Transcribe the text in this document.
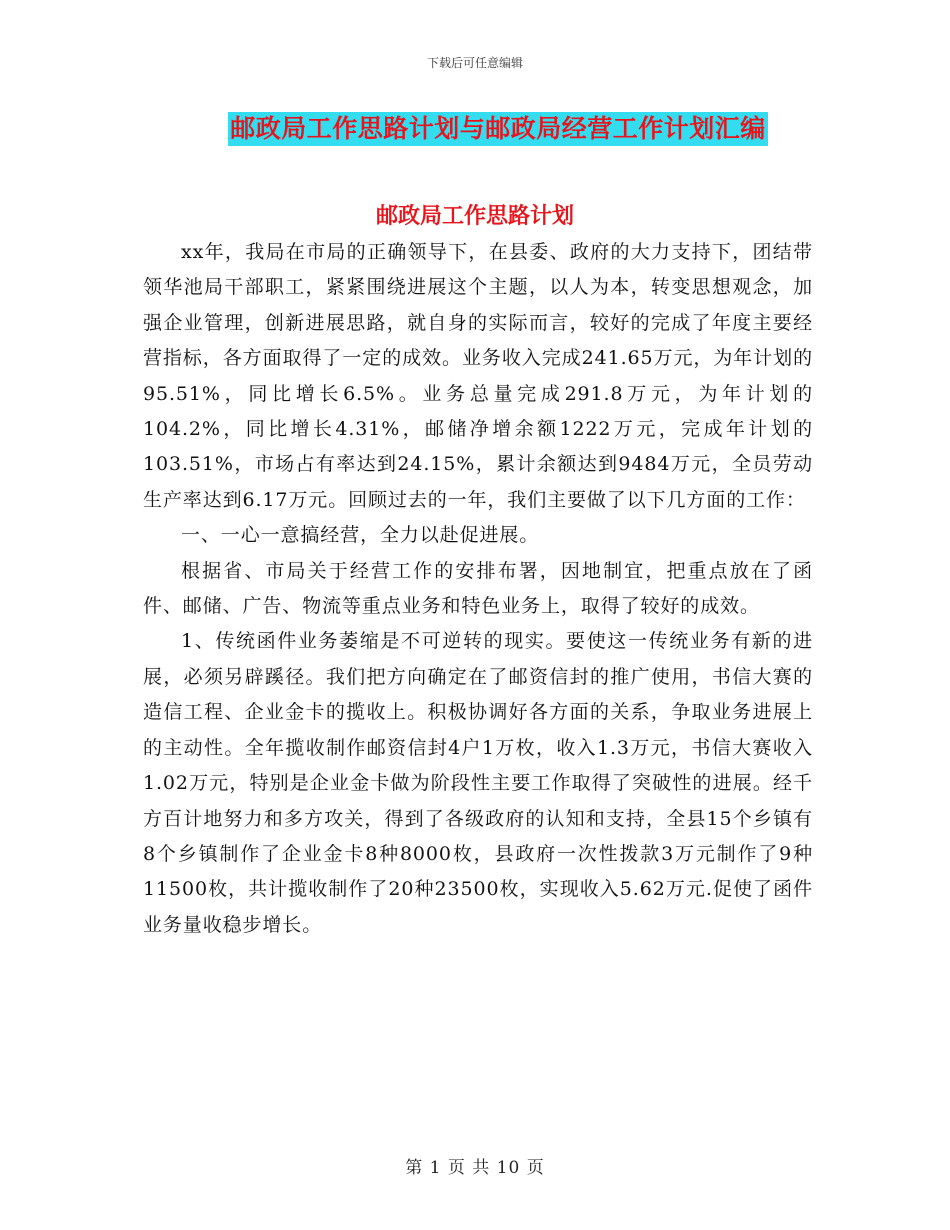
下载后可任意编辑
邮政局工作思路计划与邮政局经营工作计划汇编
邮政局工作思路计划

xx年，我局在市局的正确领导下，在县委、政府的大力支持下，团结带领华池局干部职工，紧紧围绕进展这个主题，以人为本，转变思想观念，加强企业管理，创新进展思路，就自身的实际而言，较好的完成了年度主要经营指标，各方面取得了一定的成效。业务收入完成241.65万元，为年计划的95.51%，同比增长6.5%。业务总量完成291.8万元，为年计划的104.2%，同比增长4.31%，邮储净增余额1222万元，完成年计划的103.51%，市场占有率达到24.15%，累计余额达到9484万元，全员劳动生产率达到6.17万元。回顾过去的一年，我们主要做了以下几方面的工作：

一、一心一意搞经营，全力以赴促进展。

根据省、市局关于经营工作的安排布署，因地制宜，把重点放在了函件、邮储、广告、物流等重点业务和特色业务上，取得了较好的成效。

1、传统函件业务萎缩是不可逆转的现实。要使这一传统业务有新的进展，必须另辟蹊径。我们把方向确定在了邮资信封的推广使用，书信大赛的造信工程、企业金卡的揽收上。积极协调好各方面的关系，争取业务进展上的主动性。全年揽收制作邮资信封4户1万枚，收入1.3万元，书信大赛收入1.02万元，特别是企业金卡做为阶段性主要工作取得了突破性的进展。经千方百计地努力和多方攻关，得到了各级政府的认知和支持，全县15个乡镇有8个乡镇制作了企业金卡8种8000枚，县政府一次性拨款3万元制作了9种11500枚，共计揽收制作了20种23500枚，实现收入5.62万元.促使了函件业务量收稳步增长。

第 1 页 共 10 页
